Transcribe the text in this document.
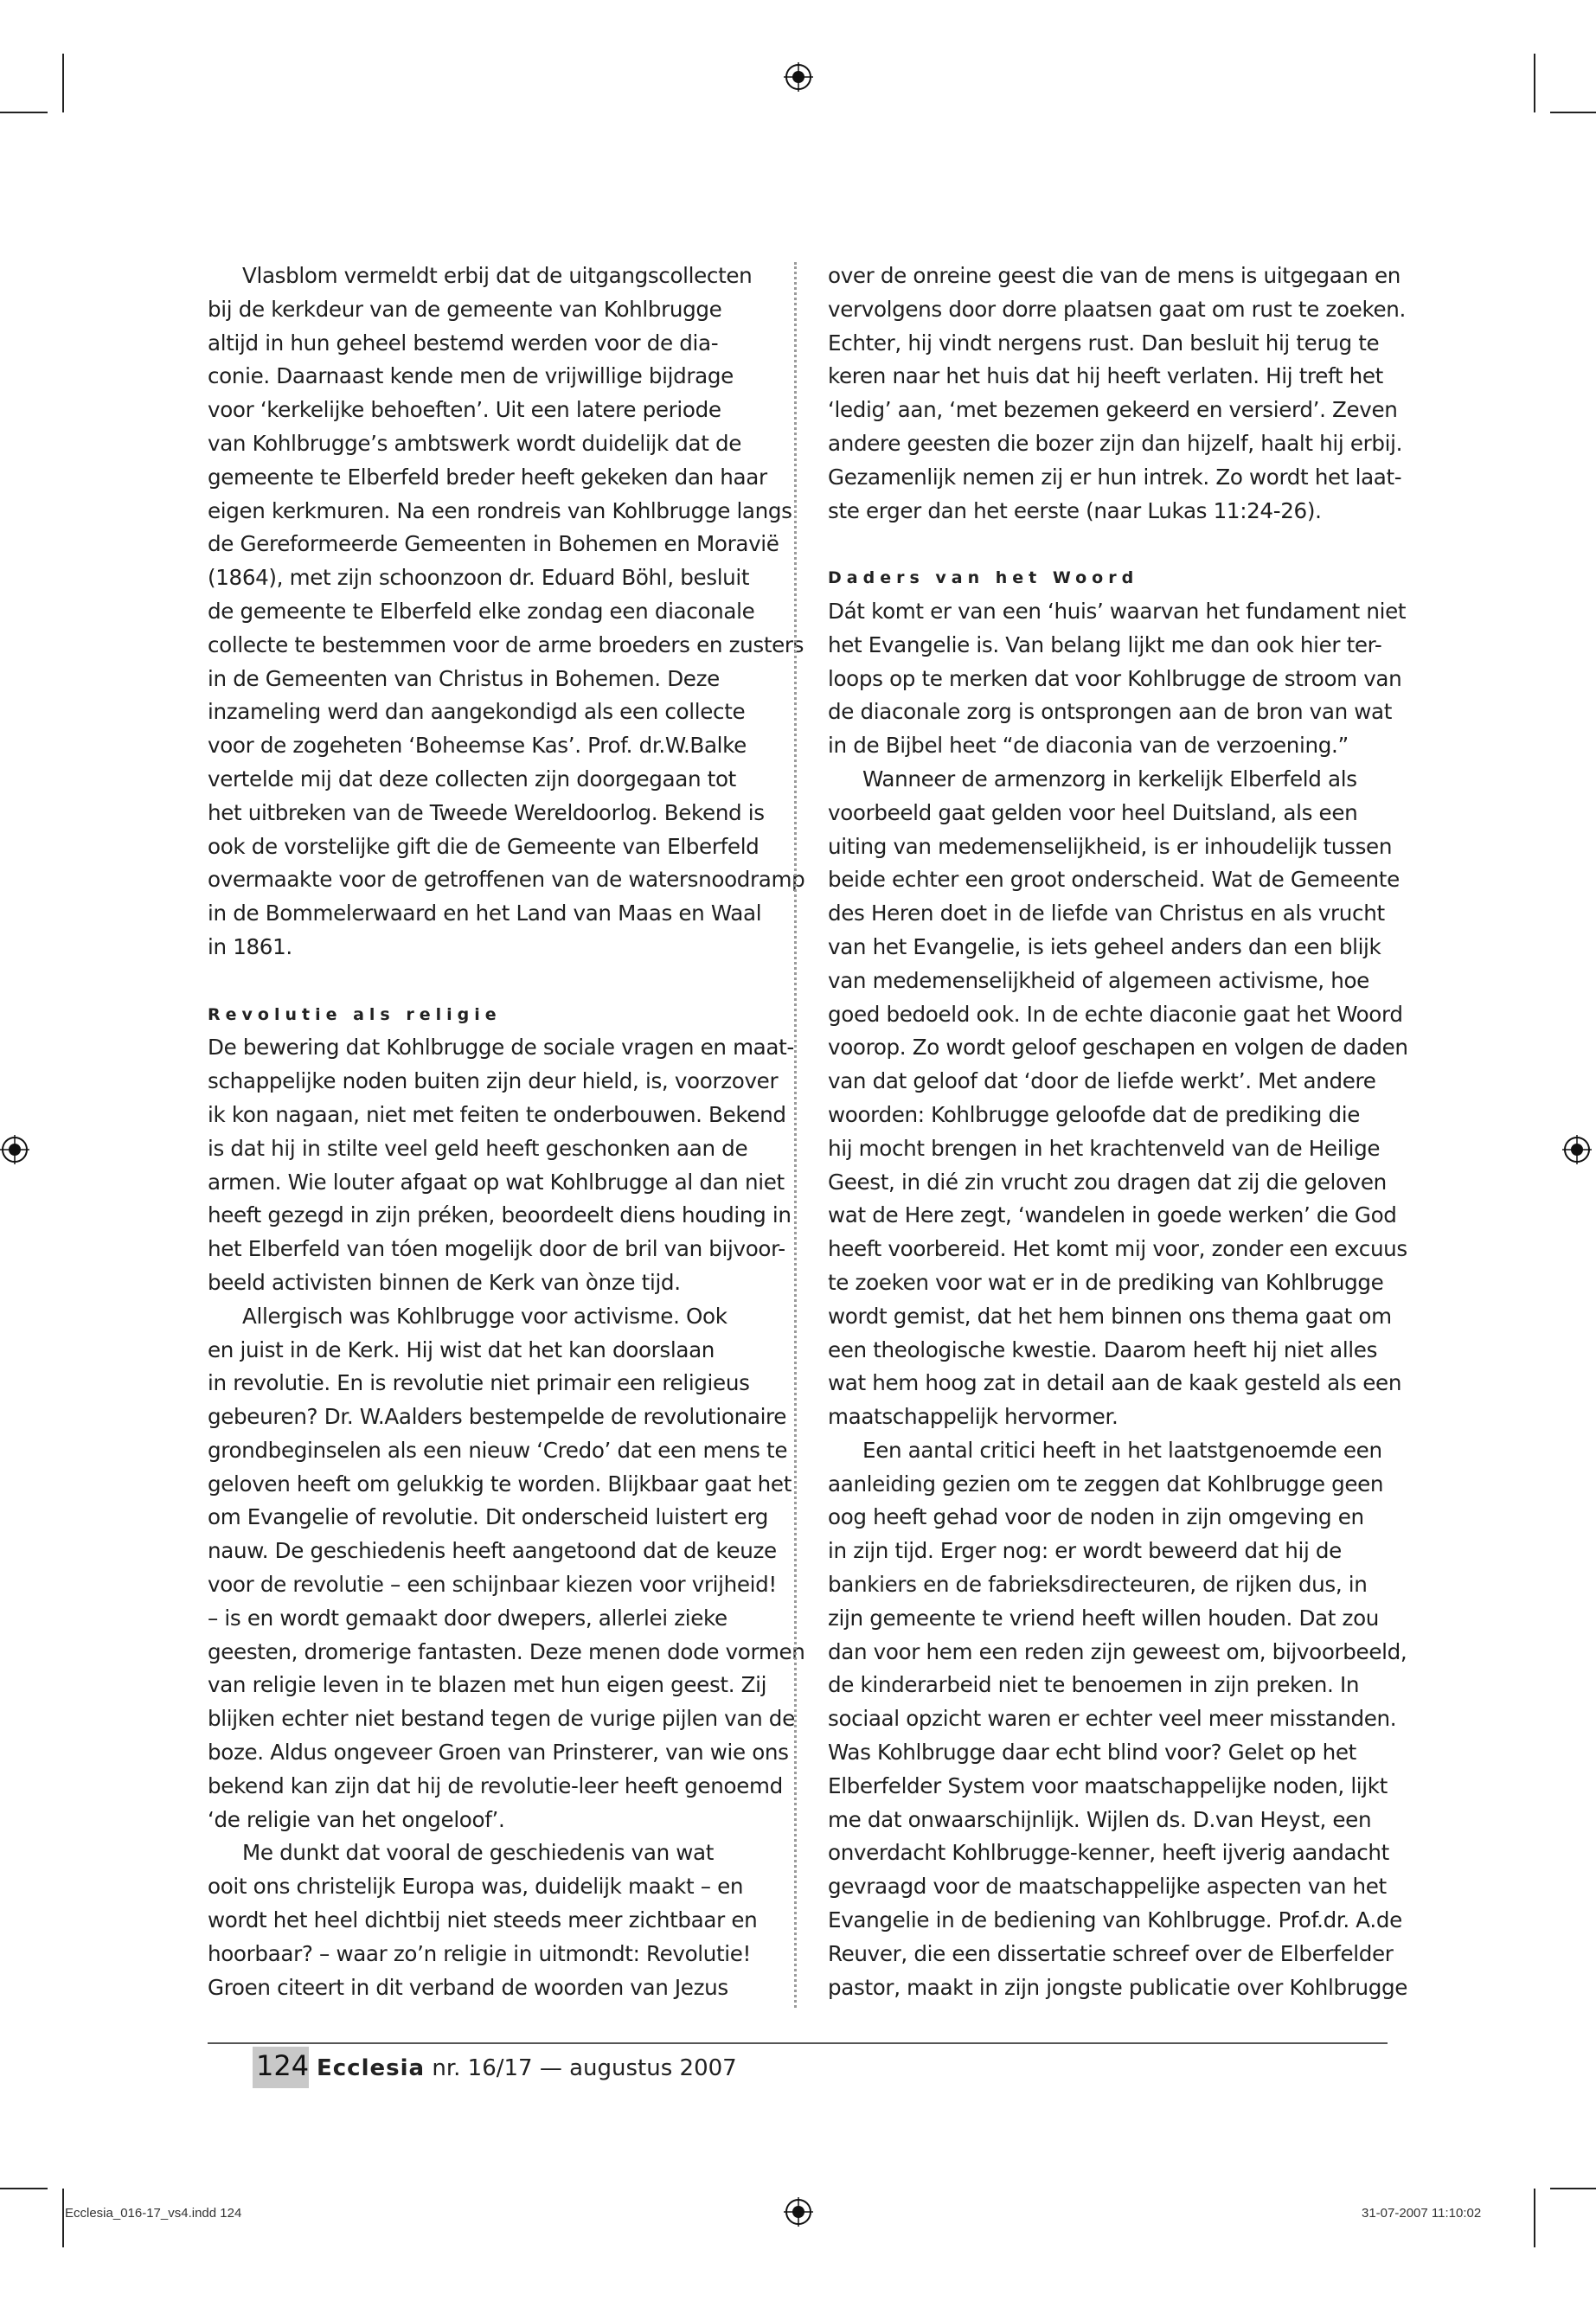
Vlasblom vermeldt erbij dat de uitgangscollecten
bij de kerkdeur van de gemeente van Kohlbrugge
altijd in hun geheel bestemd werden voor de dia-
conie. Daarnaast kende men de vrijwillige bijdrage
voor ‘kerkelijke behoeften’. Uit een latere periode
van Kohlbrugge’s ambtswerk wordt duidelijk dat de
gemeente te Elberfeld breder heeft gekeken dan haar
eigen kerkmuren. Na een rondreis van Kohlbrugge langs
de Gereformeerde Gemeenten in Bohemen en Moravië
(1864), met zijn schoonzoon dr. Eduard Böhl, besluit
de gemeente te Elberfeld elke zondag een diaconale
collecte te bestemmen voor de arme broeders en zusters
in de Gemeenten van Christus in Bohemen. Deze
inzameling werd dan aangekondigd als een collecte
voor de zogeheten ‘Boheemse Kas’. Prof. dr.W.Balke
vertelde mij dat deze collecten zijn doorgegaan tot
het uitbreken van de Tweede Wereldoorlog. Bekend is
ook de vorstelijke gift die de Gemeente van Elberfeld
overmaakte voor de getroffenen van de watersnoodramp
in de Bommelerwaard en het Land van Maas en Waal
in 1861.

Revolutie als religie

De bewering dat Kohlbrugge de sociale vragen en maat-
schappelijke noden buiten zijn deur hield, is, voorzover
ik kon nagaan, niet met feiten te onderbouwen. Bekend
is dat hij in stilte veel geld heeft geschonken aan de
armen. Wie louter afgaat op wat Kohlbrugge al dan niet
heeft gezegd in zijn préken, beoordeelt diens houding in
het Elberfeld van tóen mogelijk door de bril van bijvoor-
beeld activisten binnen de Kerk van ònze tijd.

Allergisch was Kohlbrugge voor activisme. Ook
en juist in de Kerk. Hij wist dat het kan doorslaan
in revolutie. En is revolutie niet primair een religieus
gebeuren? Dr. W.Aalders bestempelde de revolutionaire
grondbeginselen als een nieuw ‘Credo’ dat een mens te
geloven heeft om gelukkig te worden. Blijkbaar gaat het
om Evangelie of revolutie. Dit onderscheid luistert erg
nauw. De geschiedenis heeft aangetoond dat de keuze
voor de revolutie – een schijnbaar kiezen voor vrijheid!
– is en wordt gemaakt door dwepers, allerlei zieke
geesten, dromerige fantasten. Deze menen dode vormen
van religie leven in te blazen met hun eigen geest. Zij
blijken echter niet bestand tegen de vurige pijlen van de
boze. Aldus ongeveer Groen van Prinsterer, van wie ons
bekend kan zijn dat hij de revolutie-leer heeft genoemd
‘de religie van het ongeloof’.

Me dunkt dat vooral de geschiedenis van wat
ooit ons christelijk Europa was, duidelijk maakt – en
wordt het heel dichtbij niet steeds meer zichtbaar en
hoorbaar? – waar zo’n religie in uitmondt: Revolutie!
Groen citeert in dit verband de woorden van Jezus

over de onreine geest die van de mens is uitgegaan en
vervolgens door dorre plaatsen gaat om rust te zoeken.
Echter, hij vindt nergens rust. Dan besluit hij terug te
keren naar het huis dat hij heeft verlaten. Hij treft het
‘ledig’ aan, ‘met bezemen gekeerd en versierd’. Zeven
andere geesten die bozer zijn dan hijzelf, haalt hij erbij.
Gezamenlijk nemen zij er hun intrek. Zo wordt het laat-
ste erger dan het eerste (naar Lukas 11:24-26).

Daders van het Woord

Dát komt er van een ‘huis’ waarvan het fundament niet
het Evangelie is. Van belang lijkt me dan ook hier ter-
loops op te merken dat voor Kohlbrugge de stroom van
de diaconale zorg is ontsprongen aan de bron van wat
in de Bijbel heet “de diaconia van de verzoening.”

Wanneer de armenzorg in kerkelijk Elberfeld als
voorbeeld gaat gelden voor heel Duitsland, als een
uiting van medemenselijkheid, is er inhoudelijk tussen
beide echter een groot onderscheid. Wat de Gemeente
des Heren doet in de liefde van Christus en als vrucht
van het Evangelie, is iets geheel anders dan een blijk
van medemenselijkheid of algemeen activisme, hoe
goed bedoeld ook. In de echte diaconie gaat het Woord
voorop. Zo wordt geloof geschapen en volgen de daden
van dat geloof dat ‘door de liefde werkt’. Met andere
woorden: Kohlbrugge geloofde dat de prediking die
hij mocht brengen in het krachtenveld van de Heilige
Geest, in dié zin vrucht zou dragen dat zij die geloven
wat de Here zegt, ‘wandelen in goede werken’ die God
heeft voorbereid. Het komt mij voor, zonder een excuus
te zoeken voor wat er in de prediking van Kohlbrugge
wordt gemist, dat het hem binnen ons thema gaat om
een theologische kwestie. Daarom heeft hij niet alles
wat hem hoog zat in detail aan de kaak gesteld als een
maatschappelijk hervormer.

Een aantal critici heeft in het laatstgenoemde een
aanleiding gezien om te zeggen dat Kohlbrugge geen
oog heeft gehad voor de noden in zijn omgeving en
in zijn tijd. Erger nog: er wordt beweerd dat hij de
bankiers en de fabrieksdirecteuren, de rijken dus, in
zijn gemeente te vriend heeft willen houden. Dat zou
dan voor hem een reden zijn geweest om, bijvoorbeeld,
de kinderarbeid niet te benoemen in zijn preken. In
sociaal opzicht waren er echter veel meer misstanden.
Was Kohlbrugge daar echt blind voor? Gelet op het
Elberfelder System voor maatschappelijke noden, lijkt
me dat onwaarschijnlijk. Wijlen ds. D.van Heyst, een
onverdacht Kohlbrugge-kenner, heeft ijverig aandacht
gevraagd voor de maatschappelijke aspecten van het
Evangelie in de bediening van Kohlbrugge. Prof.dr. A.de
Reuver, die een dissertatie schreef over de Elberfelder
pastor, maakt in zijn jongste publicatie over Kohlbrugge

124 Ecclesia nr. 16/17 — augustus 2007
Ecclesia_016-17_vs4.indd 124	31-07-2007 11:10:02
